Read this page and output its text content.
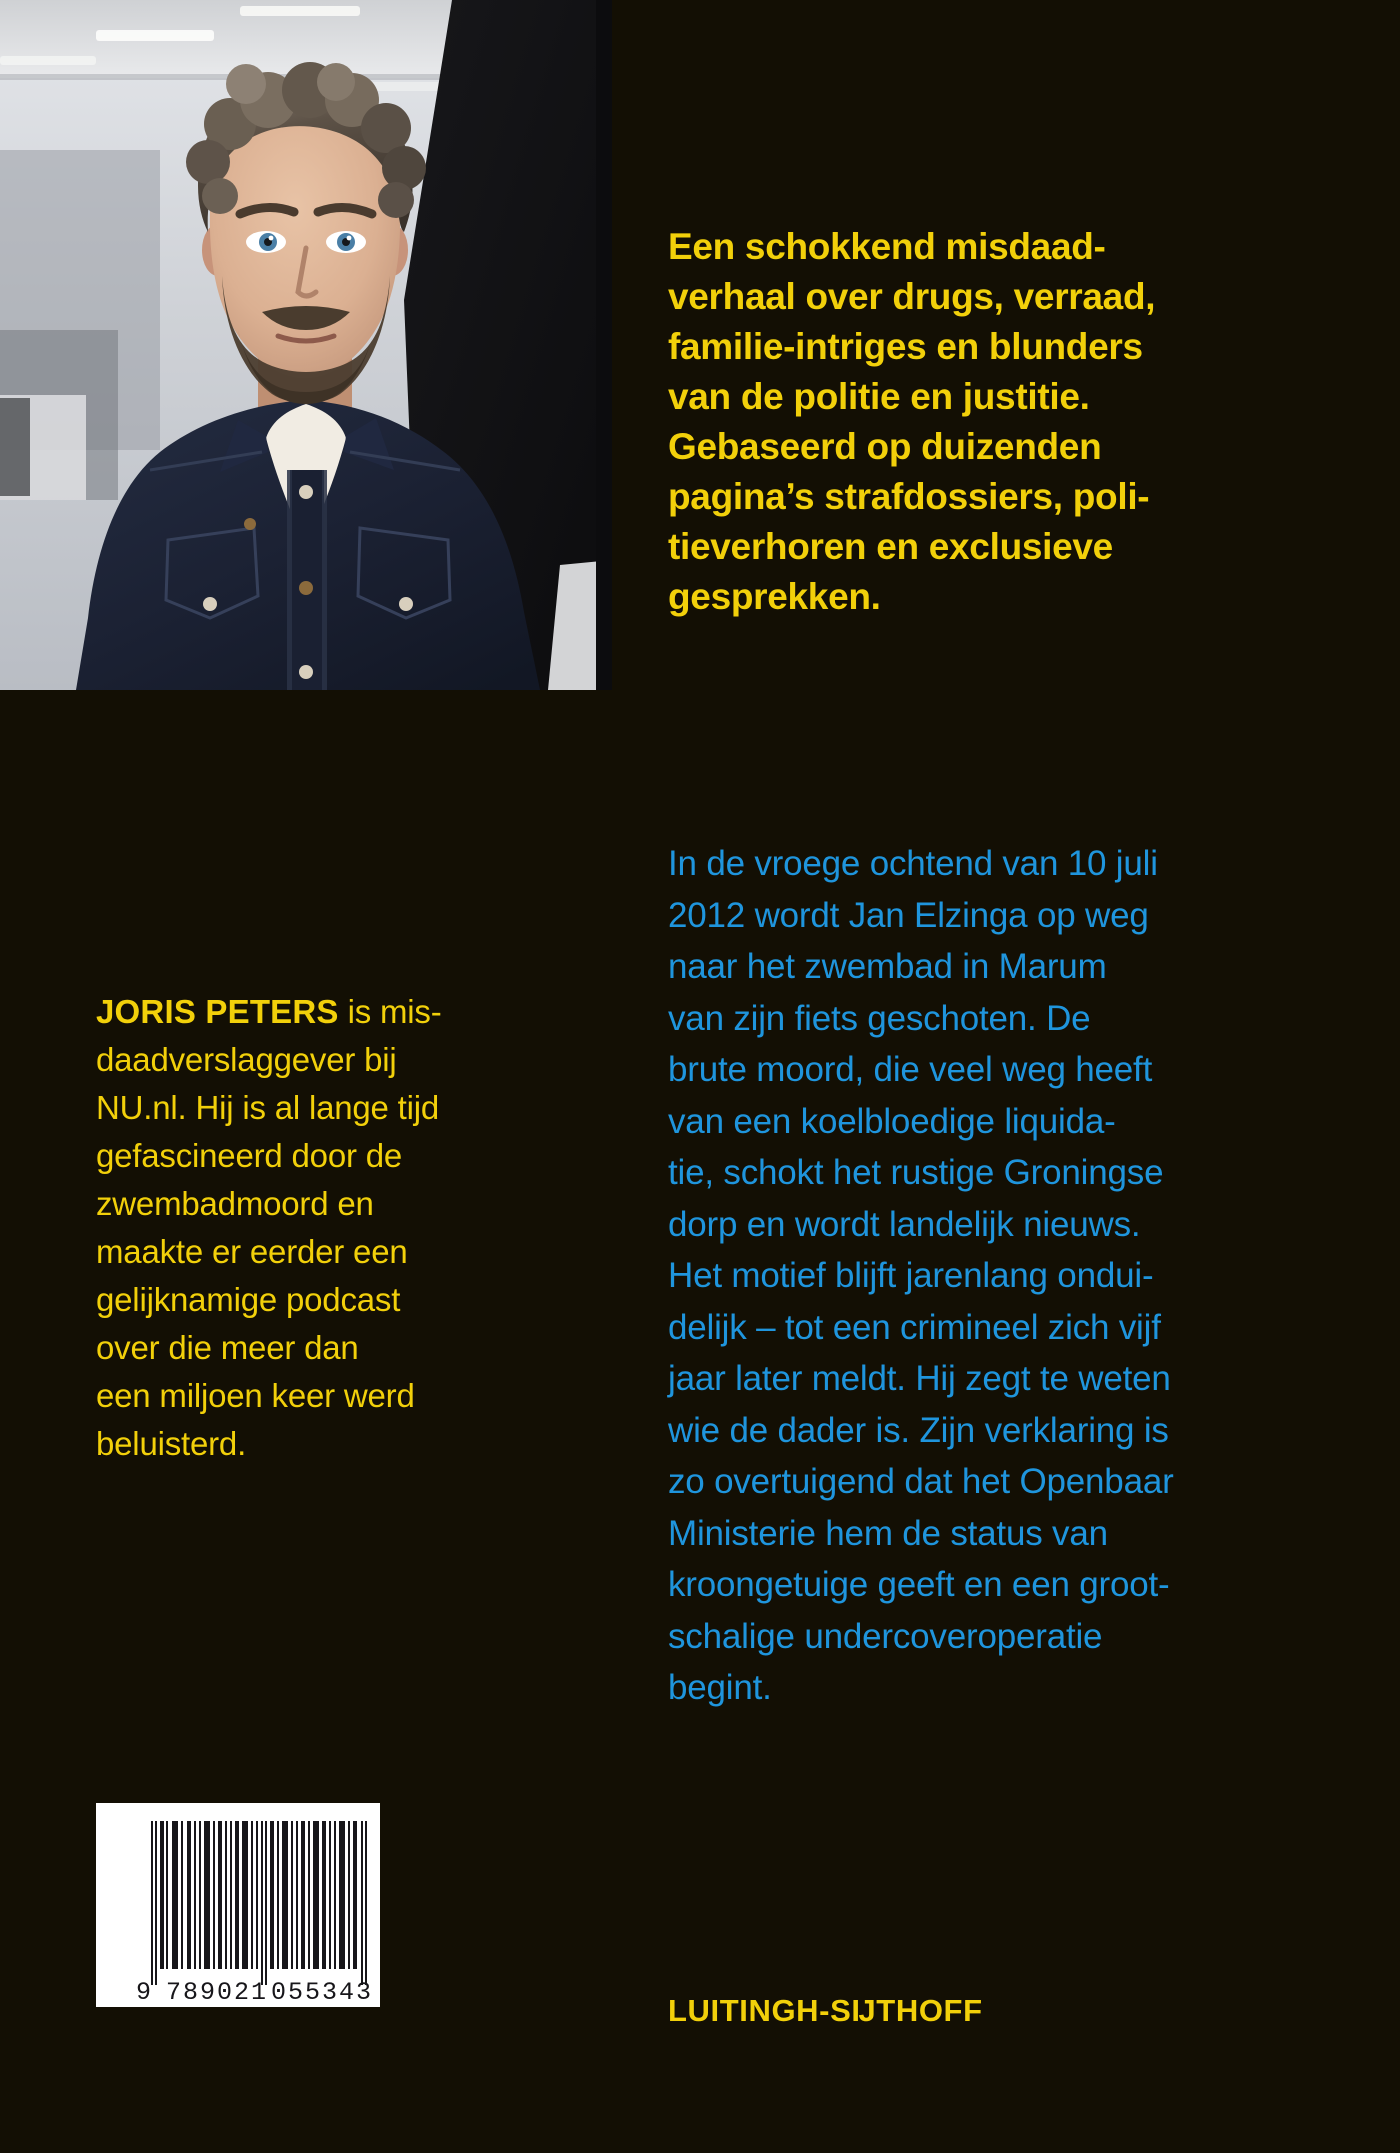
Een schokkend misdaad-

verhaal over drugs, verraad,

familie-intriges en blunders

van de politie en justitie.

Gebaseerd op duizenden

pagina’s strafdossiers, poli-

tieverhoren en exclusieve

gesprekken.

In de vroege ochtend van 10 juli

2012 wordt Jan Elzinga op weg

naar het zwembad in Marum

van zijn fiets geschoten. De

brute moord, die veel weg heeft

van een koelbloedige liquida-

tie, schokt het rustige Groningse

dorp en wordt landelijk nieuws.

Het motief blijft jarenlang ondui-

delijk – tot een crimineel zich vijf

jaar later meldt. Hij zegt te weten

wie de dader is. Zijn verklaring is

zo overtuigend dat het Openbaar

Ministerie hem de status van

kroongetuige geeft en een groot-

schalige undercoveroperatie

begint.

JORIS PETERS is mis-

daadverslaggever bij

NU.nl. Hij is al lange tijd

gefascineerd door de

zwembadmoord en

maakte er eerder een

gelijknamige podcast

over die meer dan

een miljoen keer werd

beluisterd.

9 789021 055343
LUITINGH-SĲTHOFF
